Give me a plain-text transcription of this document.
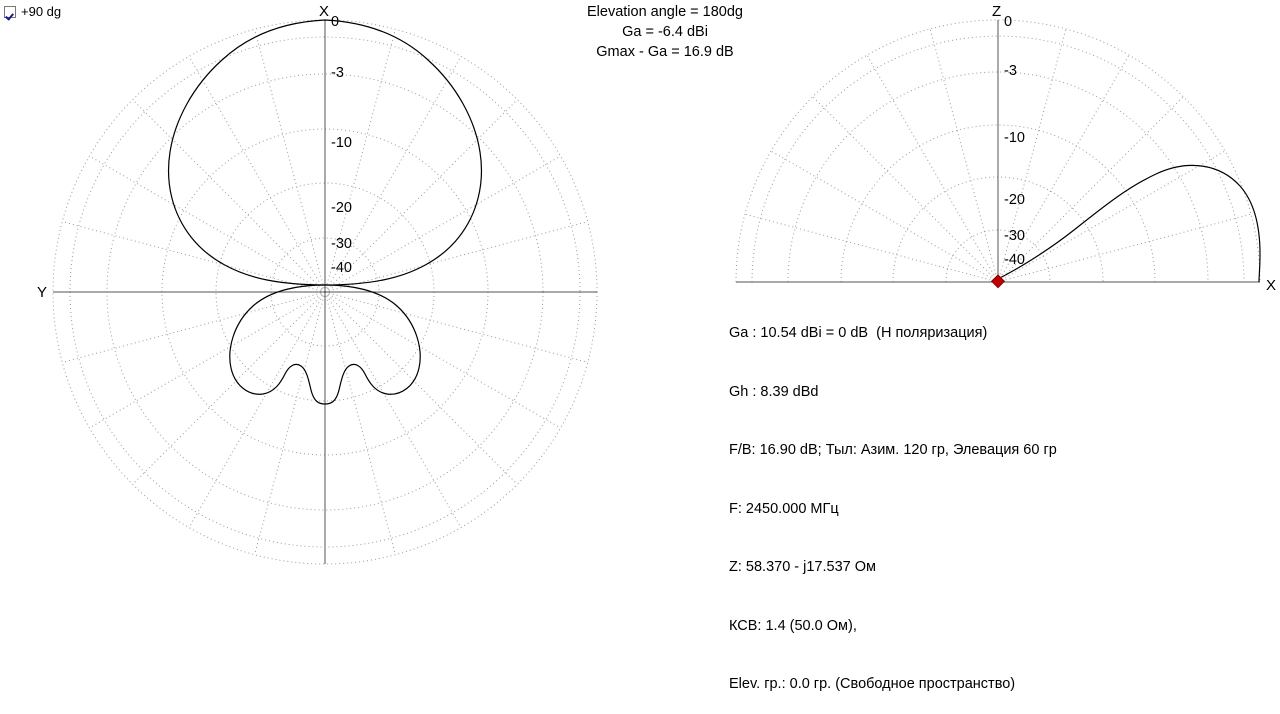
+90 dg	Elevation angle = 180dg
Ga = -6.4 dBi
Gmax - Ga = 16.9 dB
0
-3
-10
-20
-30
-40
X
Y
0
-3
-10
-20
-30
-40
Z
X

Ga : 10.54 dBi = 0 dB  (H поляризация)

Gh : 8.39 dBd

F/B: 16.90 dB; Тыл: Азим. 120 гр, Элевация 60 гр

F: 2450.000 МГц

Z: 58.370 - j17.537 Ом

КСВ: 1.4 (50.0 Ом),

Elev. гр.: 0.0 гр. (Свободное пространство)
